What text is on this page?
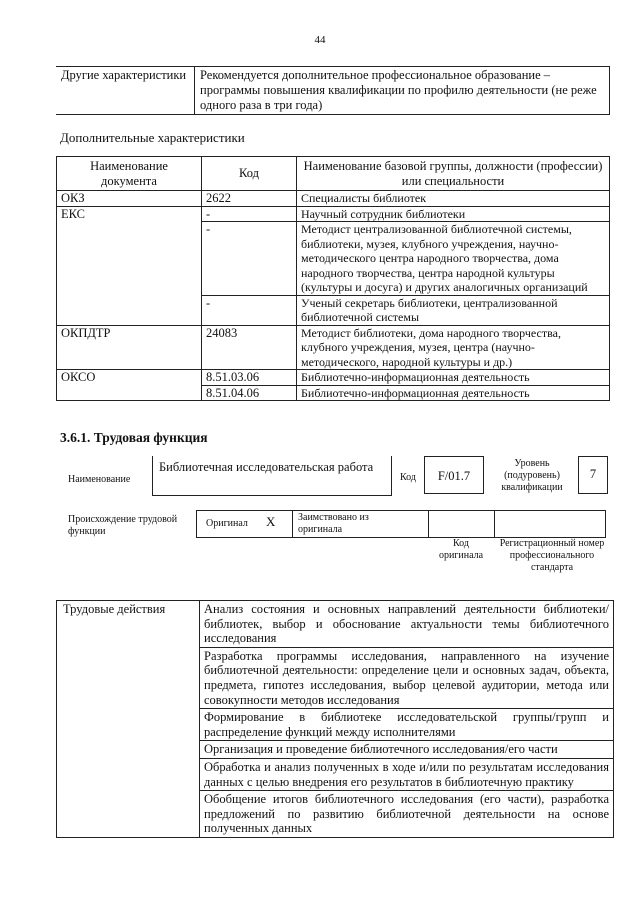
44
Другие характеристики	Рекомендуется дополнительное профессиональное образование – программы повышения квалификации по профилю деятельности (не реже одного раза в три года)
Дополнительные характеристики
Наименование документа	Код	Наименование базовой группы, должности (профессии) или специальности
ОКЗ	2622	Специалисты библиотек
ЕКС	-	Научный сотрудник библиотеки
	-	Методист централизованной библиотечной системы, библиотеки, музея, клубного учреждения, научно-методического центра народного творчества, дома народного творчества, центра народной культуры (культуры и досуга) и других аналогичных организаций
	-	Ученый секретарь библиотеки, централизованной библиотечной системы
ОКПДТР	24083	Методист библиотеки, дома народного творчества, клубного учреждения, музея, центра (научно-методического, народной культуры и др.)
ОКСО	8.51.03.06	Библиотечно-информационная деятельность
	8.51.04.06	Библиотечно-информационная деятельность
3.6.1. Трудовая функция
Наименование
Библиотечная исследовательская работа
Код	F/01.7
Уровень (подуровень) квалификации
7
Происхождение трудовой функции
Оригинал X Заимствовано из оригинала
Код оригинала
Регистрационный номер профессионального стандарта
Трудовые действия	Анализ состояния и основных направлений деятельности библиотеки/библиотек, выбор и обоснование актуальности темы библиотечного исследования
Разработка программы исследования, направленного на изучение библиотечной деятельности: определение цели и основных задач, объекта, предмета, гипотез исследования, выбор целевой аудитории, метода или совокупности методов исследования
Формирование в библиотеке исследовательской группы/групп и распределение функций между исполнителями
Организация и проведение библиотечного исследования/его части
Обработка и анализ полученных в ходе и/или по результатам исследования данных с целью внедрения его результатов в библиотечную практику
Обобщение итогов библиотечного исследования (его части), разработка предложений по развитию библиотечной деятельности на основе полученных данных
